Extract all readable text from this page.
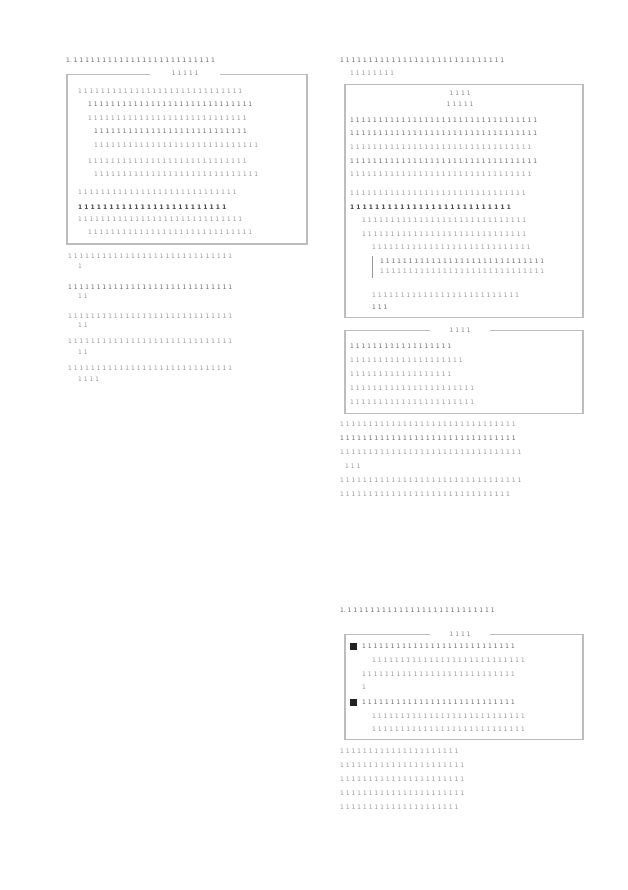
1. 1 1 1 1 1 1 1 1 1 1 1 1 1 1 1 1 1 1 1 1 1 1 1 1 1
1 1 1 1 1
1 1 1 1 1 1 1 1 1 1 1 1 1 1 1 1 1 1 1 1 1 1 1 1 1 1 1 1 1
1 1 1 1 1 1 1 1 1 1 1 1 1 1 1 1 1 1 1 1 1 1 1 1 1 1 1 1 1
1 1 1 1 1 1 1 1 1 1 1 1 1 1 1 1 1 1 1 1 1 1 1 1 1 1 1 1
1 1 1 1 1 1 1 1 1 1 1 1 1 1 1 1 1 1 1 1 1 1 1 1 1 1 1
1 1 1 1 1 1 1 1 1 1 1 1 1 1 1 1 1 1 1 1 1 1 1 1 1 1 1 1 1
1 1 1 1 1 1 1 1 1 1 1 1 1 1 1 1 1 1 1 1 1 1 1 1 1 1 1 1
1 1 1 1 1 1 1 1 1 1 1 1 1 1 1 1 1 1 1 1 1 1 1 1 1 1 1 1 1
1 1 1 1 1 1 1 1 1 1 1 1 1 1 1 1 1 1 1 1 1 1 1 1 1 1 1 1
1 1 1 1 1 1 1 1 1 1 1 1 1 1 1 1 1 1 1 1 1 1 1 1
1 1 1 1 1 1 1 1 1 1 1 1 1 1 1 1 1 1 1 1 1 1 1 1 1 1 1 1 1
1 1 1 1 1 1 1 1 1 1 1 1 1 1 1 1 1 1 1 1 1 1 1 1 1 1 1 1 1
1 1 1 1 1 1 1 1 1 1 1 1 1 1 1 1 1 1 1 1 1 1 1 1 1 1 1 1 1
1
1 1 1 1 1 1 1 1 1 1 1 1 1 1 1 1 1 1 1 1 1 1 1 1 1 1 1 1 1
1 1
1 1 1 1 1 1 1 1 1 1 1 1 1 1 1 1 1 1 1 1 1 1 1 1 1 1 1 1 1
1 1
1 1 1 1 1 1 1 1 1 1 1 1 1 1 1 1 1 1 1 1 1 1 1 1 1 1 1 1 1
1 1
1 1 1 1 1 1 1 1 1 1 1 1 1 1 1 1 1 1 1 1 1 1 1 1 1 1 1 1 1
1 1 1 1
1 1 1 1 1 1 1 1 1 1 1 1 1 1 1 1 1 1 1 1 1 1 1 1 1 1 1 1 1
1 1 1 1 1 1 1 1
1 1 1 1
1 1 1 1 1
1 1 1 1 1 1 1 1 1 1 1 1 1 1 1 1 1 1 1 1 1 1 1 1 1 1 1 1 1 1 1 1 1
1 1 1 1 1 1 1 1 1 1 1 1 1 1 1 1 1 1 1 1 1 1 1 1 1 1 1 1 1 1 1 1 1
1 1 1 1 1 1 1 1 1 1 1 1 1 1 1 1 1 1 1 1 1 1 1 1 1 1 1 1 1 1 1 1
1 1 1 1 1 1 1 1 1 1 1 1 1 1 1 1 1 1 1 1 1 1 1 1 1 1 1 1 1 1 1 1 1
1 1 1 1 1 1 1 1 1 1 1 1 1 1 1 1 1 1 1 1 1 1 1 1 1 1 1 1 1 1 1 1
1 1 1 1 1 1 1 1 1 1 1 1 1 1 1 1 1 1 1 1 1 1 1 1 1 1 1 1 1 1 1
1 1 1 1 1 1 1 1 1 1 1 1 1 1 1 1 1 1 1 1 1 1 1 1 1 1
1 1 1 1 1 1 1 1 1 1 1 1 1 1 1 1 1 1 1 1 1 1 1 1 1 1 1 1 1
1 1 1 1 1 1 1 1 1 1 1 1 1 1 1 1 1 1 1 1 1 1 1 1 1 1 1 1 1
1 1 1 1 1 1 1 1 1 1 1 1 1 1 1 1 1 1 1 1 1 1 1 1 1 1 1 1
1 1 1 1 1 1 1 1 1 1 1 1 1 1 1 1 1 1 1 1 1 1 1 1 1 1 1 1 1
1 1 1 1 1 1 1 1 1 1 1 1 1 1 1 1 1 1 1 1 1 1 1 1 1 1 1 1 1
1 1 1 1 1 1 1 1 1 1 1 1 1 1 1 1 1 1 1 1 1 1 1 1 1 1
1 1 1
1 1 1 1
1 1 1 1 1 1 1 1 1 1 1 1 1 1 1 1 1 1
1 1 1 1 1 1 1 1 1 1 1 1 1 1 1 1 1 1 1 1
1 1 1 1 1 1 1 1 1 1 1 1 1 1 1 1 1 1
1 1 1 1 1 1 1 1 1 1 1 1 1 1 1 1 1 1 1 1 1 1
1 1 1 1 1 1 1 1 1 1 1 1 1 1 1 1 1 1 1 1 1 1
1 1 1 1 1 1 1 1 1 1 1 1 1 1 1 1 1 1 1 1 1 1 1 1 1 1 1 1 1 1 1
1 1 1 1 1 1 1 1 1 1 1 1 1 1 1 1 1 1 1 1 1 1 1 1 1 1 1 1 1 1 1
1 1 1 1 1 1 1 1 1 1 1 1 1 1 1 1 1 1 1 1 1 1 1 1 1 1 1 1 1 1 1 1
1 1 1
1 1 1 1 1 1 1 1 1 1 1 1 1 1 1 1 1 1 1 1 1 1 1 1 1 1 1 1 1 1 1 1
1 1 1 1 1 1 1 1 1 1 1 1 1 1 1 1 1 1 1 1 1 1 1 1 1 1 1 1 1 1
1. 1 1 1 1 1 1 1 1 1 1 1 1 1 1 1 1 1 1 1 1 1 1 1 1 1 1
1 1 1 1
1 1 1 1 1 1 1 1 1 1 1 1 1 1 1 1 1 1 1 1 1 1 1 1 1 1 1
1 1 1 1 1 1 1 1 1 1 1 1 1 1 1 1 1 1 1 1 1 1 1 1 1 1 1
1 1 1 1 1 1 1 1 1 1 1 1 1 1 1 1 1 1 1 1 1 1 1 1 1 1 1
1
1 1 1 1 1 1 1 1 1 1 1 1 1 1 1 1 1 1 1 1 1 1 1 1 1 1 1
1 1 1 1 1 1 1 1 1 1 1 1 1 1 1 1 1 1 1 1 1 1 1 1 1 1 1
1 1 1 1 1 1 1 1 1 1 1 1 1 1 1 1 1 1 1 1 1 1 1 1 1 1 1
1 1 1 1 1 1 1 1 1 1 1 1 1 1 1 1 1 1 1 1 1
1 1 1 1 1 1 1 1 1 1 1 1 1 1 1 1 1 1 1 1 1 1
1 1 1 1 1 1 1 1 1 1 1 1 1 1 1 1 1 1 1 1 1 1
1 1 1 1 1 1 1 1 1 1 1 1 1 1 1 1 1 1 1 1 1 1
1 1 1 1 1 1 1 1 1 1 1 1 1 1 1 1 1 1 1 1 1
